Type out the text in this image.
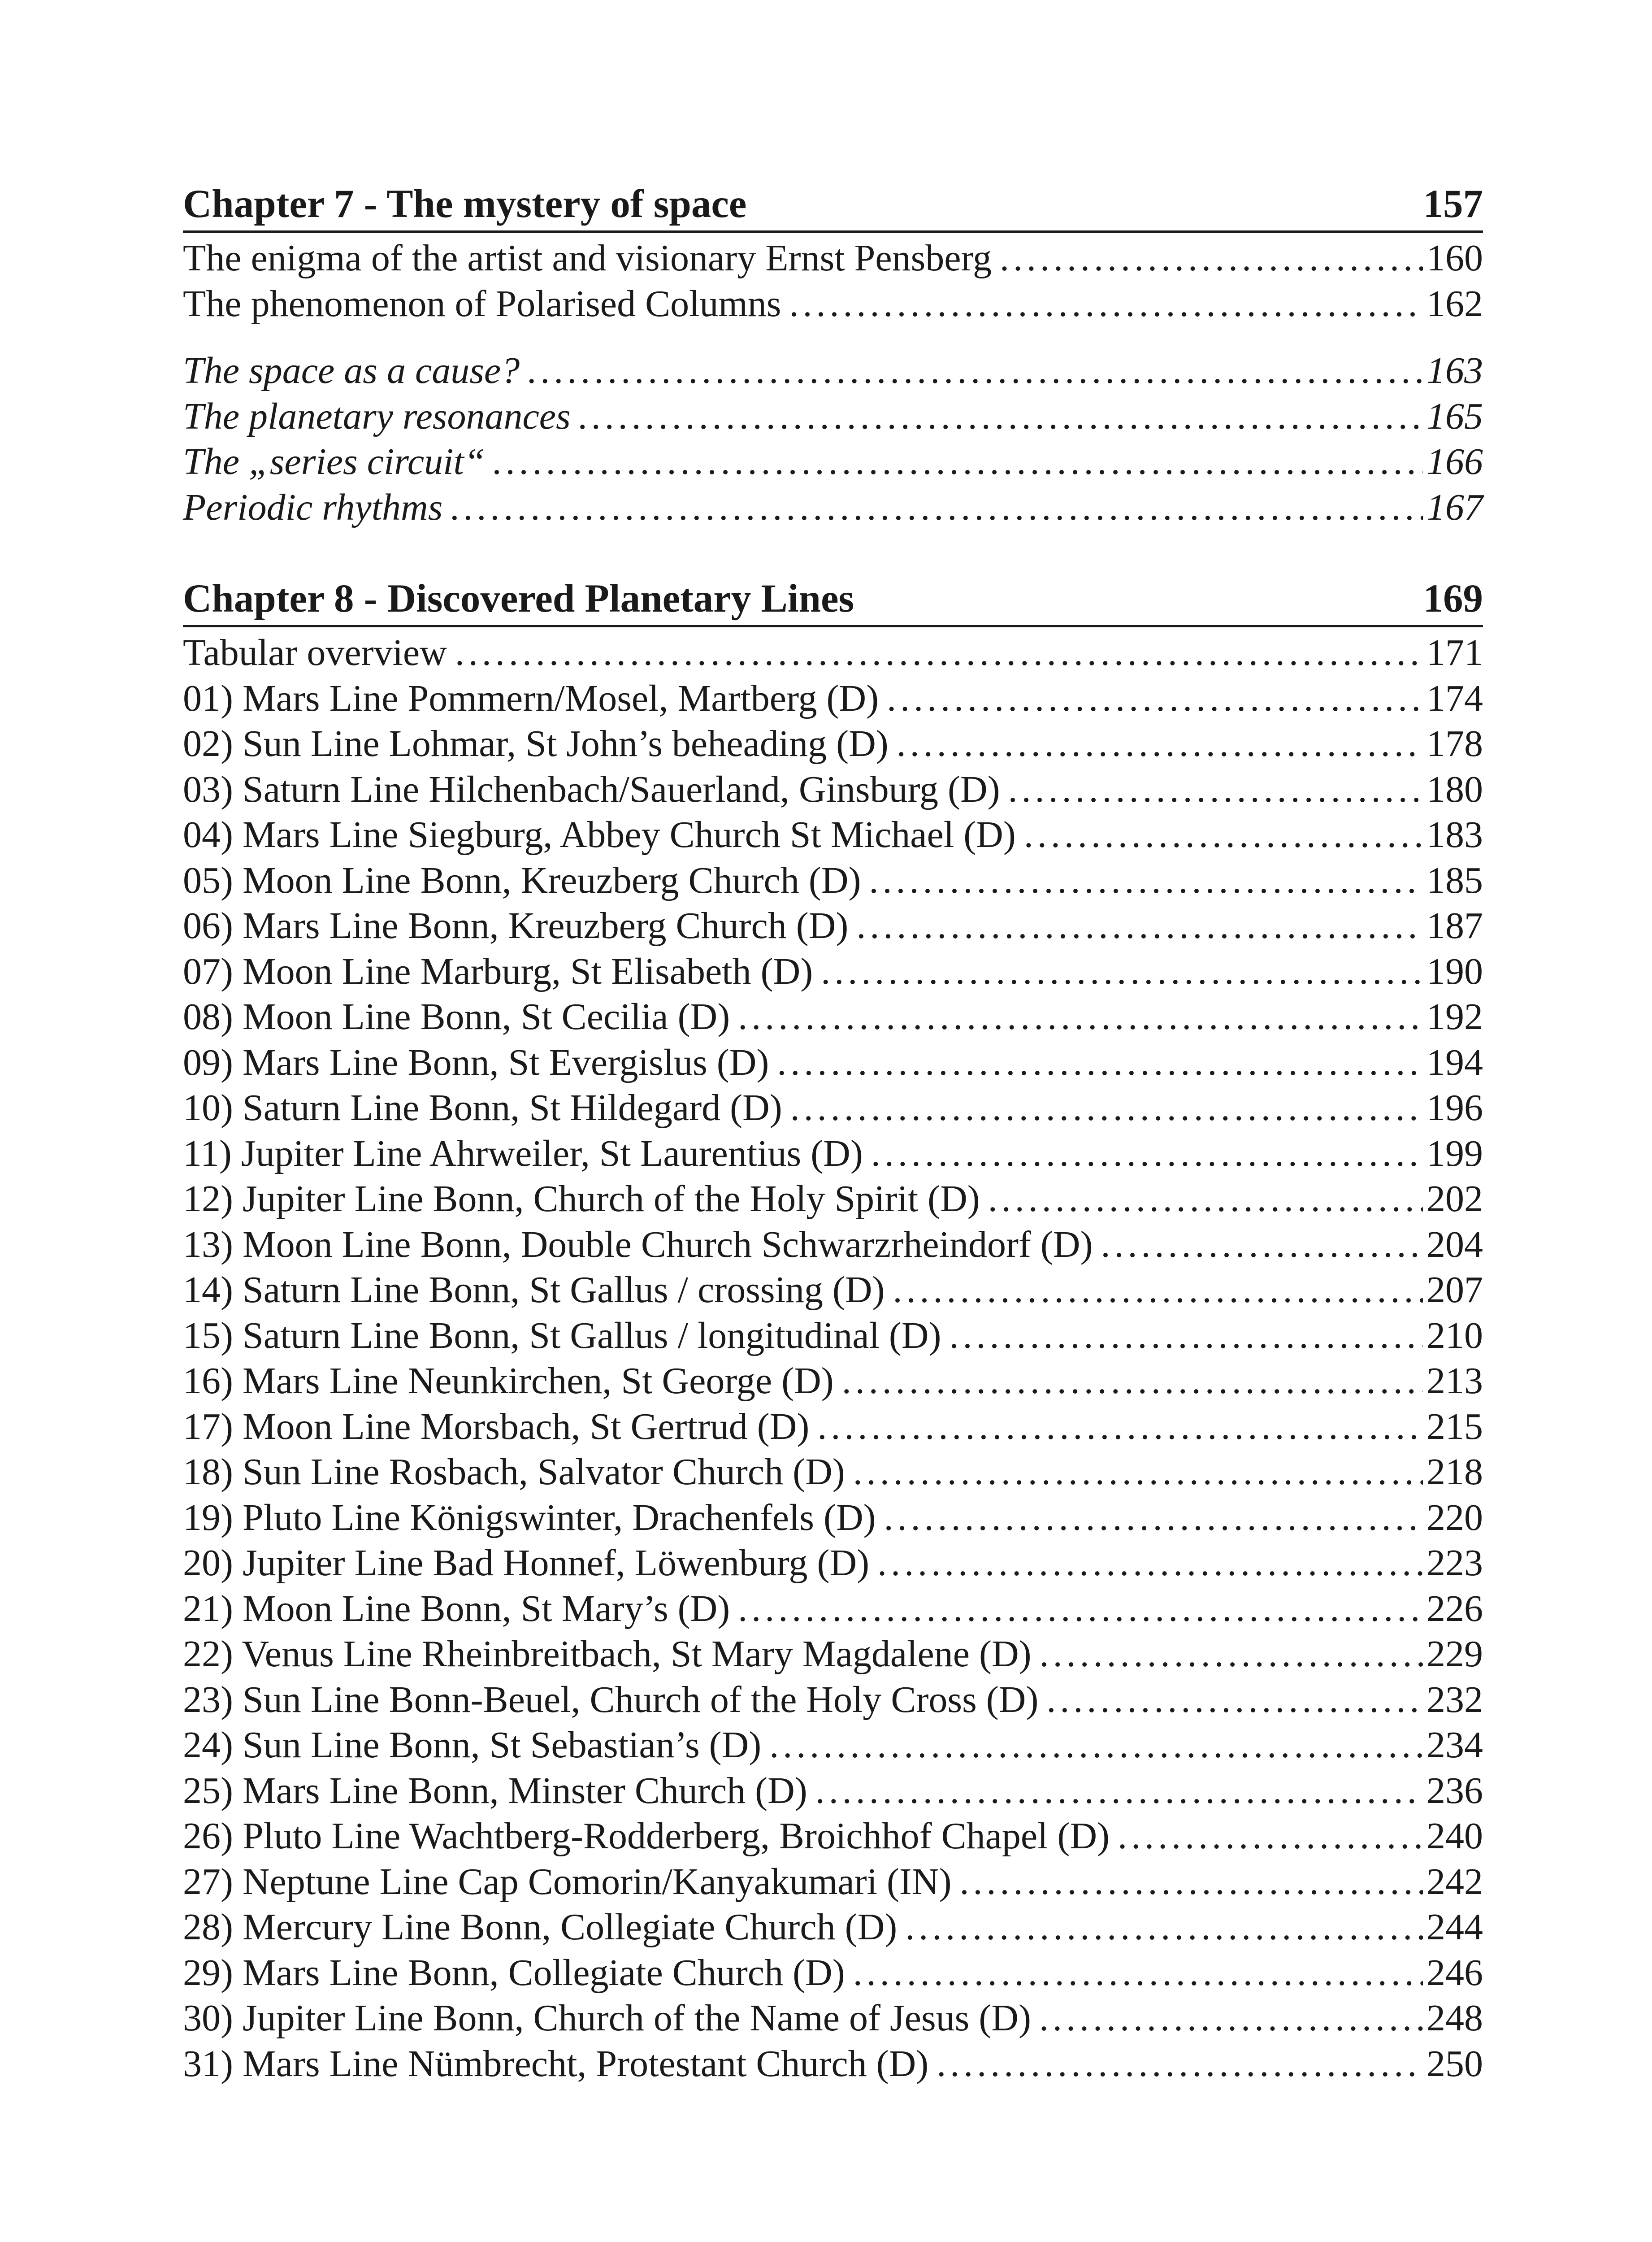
Chapter 7 - The mystery of space	157
The enigma of the artist and visionary Ernst Pensberg . . .	160
The phenomenon of Polarised Columns . . .	162
The space as a cause? . . .	163
The planetary resonances . . .	165
The „series circuit“ . . .	166
Periodic rhythms . . .	167
Chapter 8 - Discovered Planetary Lines	169
Tabular overview . . .	171
01) Mars Line Pommern/Mosel, Martberg (D) . . .	174
02) Sun Line Lohmar, St John’s beheading (D) . . .	178
03) Saturn Line Hilchenbach/Sauerland, Ginsburg (D) . . .	180
04) Mars Line Siegburg, Abbey Church St Michael (D) . . .	183
05) Moon Line Bonn, Kreuzberg Church (D) . . .	185
06) Mars Line Bonn, Kreuzberg Church (D) . . .	187
07) Moon Line Marburg, St Elisabeth (D) . . .	190
08) Moon Line Bonn, St Cecilia (D) . . .	192
09) Mars Line Bonn, St Evergislus (D) . . .	194
10) Saturn Line Bonn, St Hildegard (D) . . .	196
11) Jupiter Line Ahrweiler, St Laurentius (D) . . .	199
12) Jupiter Line Bonn, Church of the Holy Spirit (D) . . .	202
13) Moon Line Bonn, Double Church Schwarzrheindorf (D) . . .	204
14) Saturn Line Bonn, St Gallus / crossing (D) . . .	207
15) Saturn Line Bonn, St Gallus / longitudinal (D) . . .	210
16) Mars Line Neunkirchen, St George (D) . . .	213
17) Moon Line Morsbach, St Gertrud (D) . . .	215
18) Sun Line Rosbach, Salvator Church (D) . . .	218
19) Pluto Line Königswinter, Drachenfels (D) . . .	220
20) Jupiter Line Bad Honnef, Löwenburg (D) . . .	223
21) Moon Line Bonn, St Mary’s (D) . . .	226
22) Venus Line Rheinbreitbach, St Mary Magdalene (D) . . .	229
23) Sun Line Bonn-Beuel, Church of the Holy Cross (D) . . .	232
24) Sun Line Bonn, St Sebastian’s (D) . . .	234
25) Mars Line Bonn, Minster Church (D) . . .	236
26) Pluto Line Wachtberg-Rodderberg, Broichhof Chapel (D) . . .	240
27) Neptune Line Cap Comorin/Kanyakumari (IN) . . .	242
28) Mercury Line Bonn, Collegiate Church (D) . . .	244
29) Mars Line Bonn, Collegiate Church (D) . . .	246
30) Jupiter Line Bonn, Church of the Name of Jesus (D) . . .	248
31) Mars Line Nümbrecht, Protestant Church (D) . . .	250
